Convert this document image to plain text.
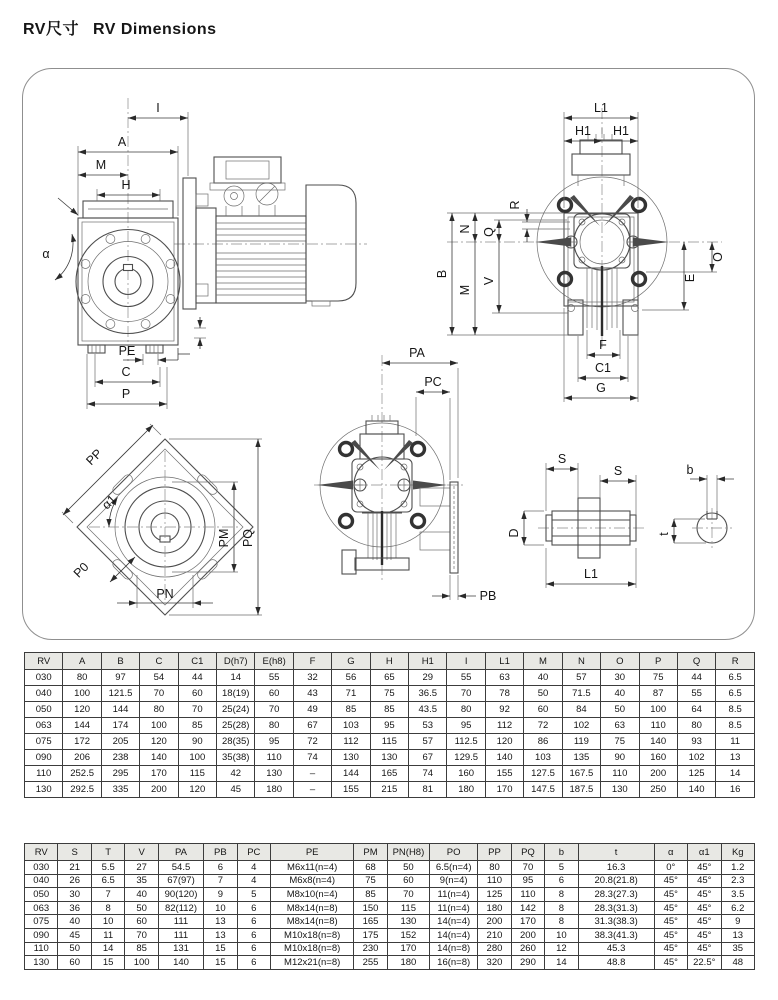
RV尺寸 RV Dimensions
I
A
M
H
α
PE
C
P
L1
H1 H1
R
B
N
M
Q
V
O
E
F
C1
G
PP
α1
P0
PM PQ
PN
PA
PC
PB
S
S
D
L1
b
t
RV	A	B	C	C1	D(h7)	E(h8)	F	G	H	H1	I	L1	M	N	O	P	Q	R
030	80	97	54	44	14	55	32	56	65	29	55	63	40	57	30	75	44	6.5
040	100	121.5	70	60	18(19)	60	43	71	75	36.5	70	78	50	71.5	40	87	55	6.5
050	120	144	80	70	25(24)	70	49	85	85	43.5	80	92	60	84	50	100	64	8.5
063	144	174	100	85	25(28)	80	67	103	95	53	95	112	72	102	63	110	80	8.5
075	172	205	120	90	28(35)	95	72	112	115	57	112.5	120	86	119	75	140	93	11
090	206	238	140	100	35(38)	110	74	130	130	67	129.5	140	103	135	90	160	102	13
110	252.5	295	170	115	42	130	–	144	165	74	160	155	127.5	167.5	110	200	125	14
130	292.5	335	200	120	45	180	–	155	215	81	180	170	147.5	187.5	130	250	140	16
RV	S	T	V	PA	PB	PC	PE	PM	PN(H8)	PO	PP	PQ	b	t	α	α1	Kg
030	21	5.5	27	54.5	6	4	M6x11(n=4)	68	50	6.5(n=4)	80	70	5	16.3	0°	45°	1.2
040	26	6.5	35	67(97)	7	4	M6x8(n=4)	75	60	9(n=4)	110	95	6	20.8(21.8)	45°	45°	2.3
050	30	7	40	90(120)	9	5	M8x10(n=4)	85	70	11(n=4)	125	110	8	28.3(27.3)	45°	45°	3.5
063	36	8	50	82(112)	10	6	M8x14(n=8)	150	115	11(n=4)	180	142	8	28.3(31.3)	45°	45°	6.2
075	40	10	60	111	13	6	M8x14(n=8)	165	130	14(n=4)	200	170	8	31.3(38.3)	45°	45°	9
090	45	11	70	111	13	6	M10x18(n=8)	175	152	14(n=4)	210	200	10	38.3(41.3)	45°	45°	13
110	50	14	85	131	15	6	M10x18(n=8)	230	170	14(n=8)	280	260	12	45.3	45°	45°	35
130	60	15	100	140	15	6	M12x21(n=8)	255	180	16(n=8)	320	290	14	48.8	45°	22.5°	48
